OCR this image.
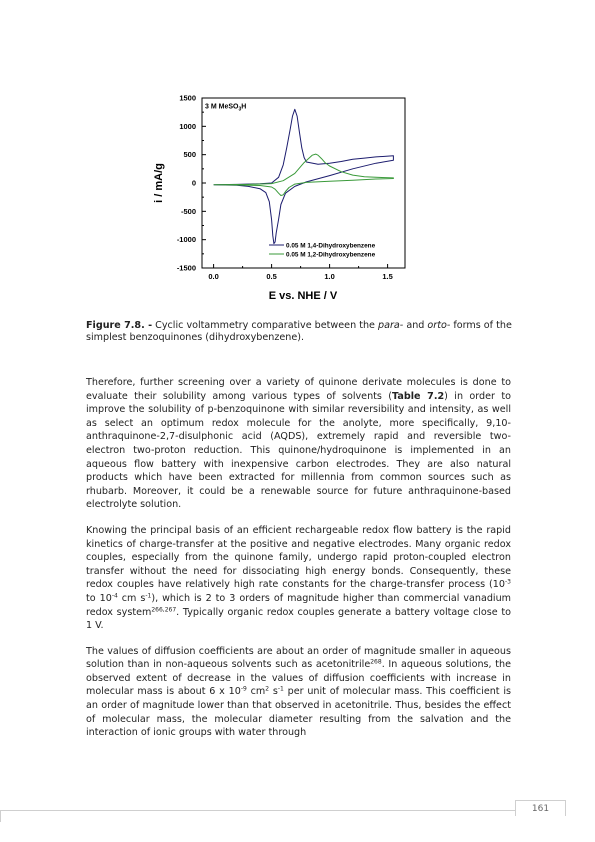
1500
1000
500
0
-500
-1000
-1500
0.0	0.5	1.0	1.5
3 M MeSO$_3$H
i / mA/g
E vs. NHE / V
0.05 M 1,4-Dihydroxybenzene
0.05 M 1,2-Dihydroxybenzene
Figure 7.8. - Cyclic voltammetry comparative between the para- and orto- forms of the simplest benzoquinones (dihydroxybenzene).

Therefore, further screening over a variety of quinone derivate molecules is done to evaluate their solubility among various types of solvents (Table 7.2) in order to improve the solubility of p-benzoquinone with similar reversibility and intensity, as well as select an optimum redox molecule for the anolyte, more specifically, 9,10-anthraquinone-2,7-disulphonic acid (AQDS), extremely rapid and reversible two-electron two-proton reduction. This quinone/hydroquinone is implemented in an aqueous flow battery with inexpensive carbon electrodes. They are also natural products which have been extracted for millennia from common sources such as rhubarb. Moreover, it could be a renewable source for future anthraquinone-based electrolyte solution.

Knowing the principal basis of an efficient rechargeable redox flow battery is the rapid kinetics of charge-transfer at the positive and negative electrodes. Many organic redox couples, especially from the quinone family, undergo rapid proton-coupled electron transfer without the need for dissociating high energy bonds. Consequently, these redox couples have relatively high rate constants for the charge-transfer process ($10^{-3}$ to $10^{-4}$ cm $s^{-1}$), which is 2 to 3 orders of magnitude higher than commercial vanadium redox system$^{266,267}$. Typically organic redox couples generate a battery voltage close to 1 V.

The values of diffusion coefficients are about an order of magnitude smaller in aqueous solution than in non-aqueous solvents such as acetonitrile$^{268}$. In aqueous solutions, the observed extent of decrease in the values of diffusion coefficients with increase in molecular mass is about 6 x $10^{-9}$ $cm^2$ $s^{-1}$ per unit of molecular mass. This coefficient is an order of magnitude lower than that observed in acetonitrile. Thus, besides the effect of molecular mass, the molecular diameter resulting from the salvation and the interaction of ionic groups with water through

161
